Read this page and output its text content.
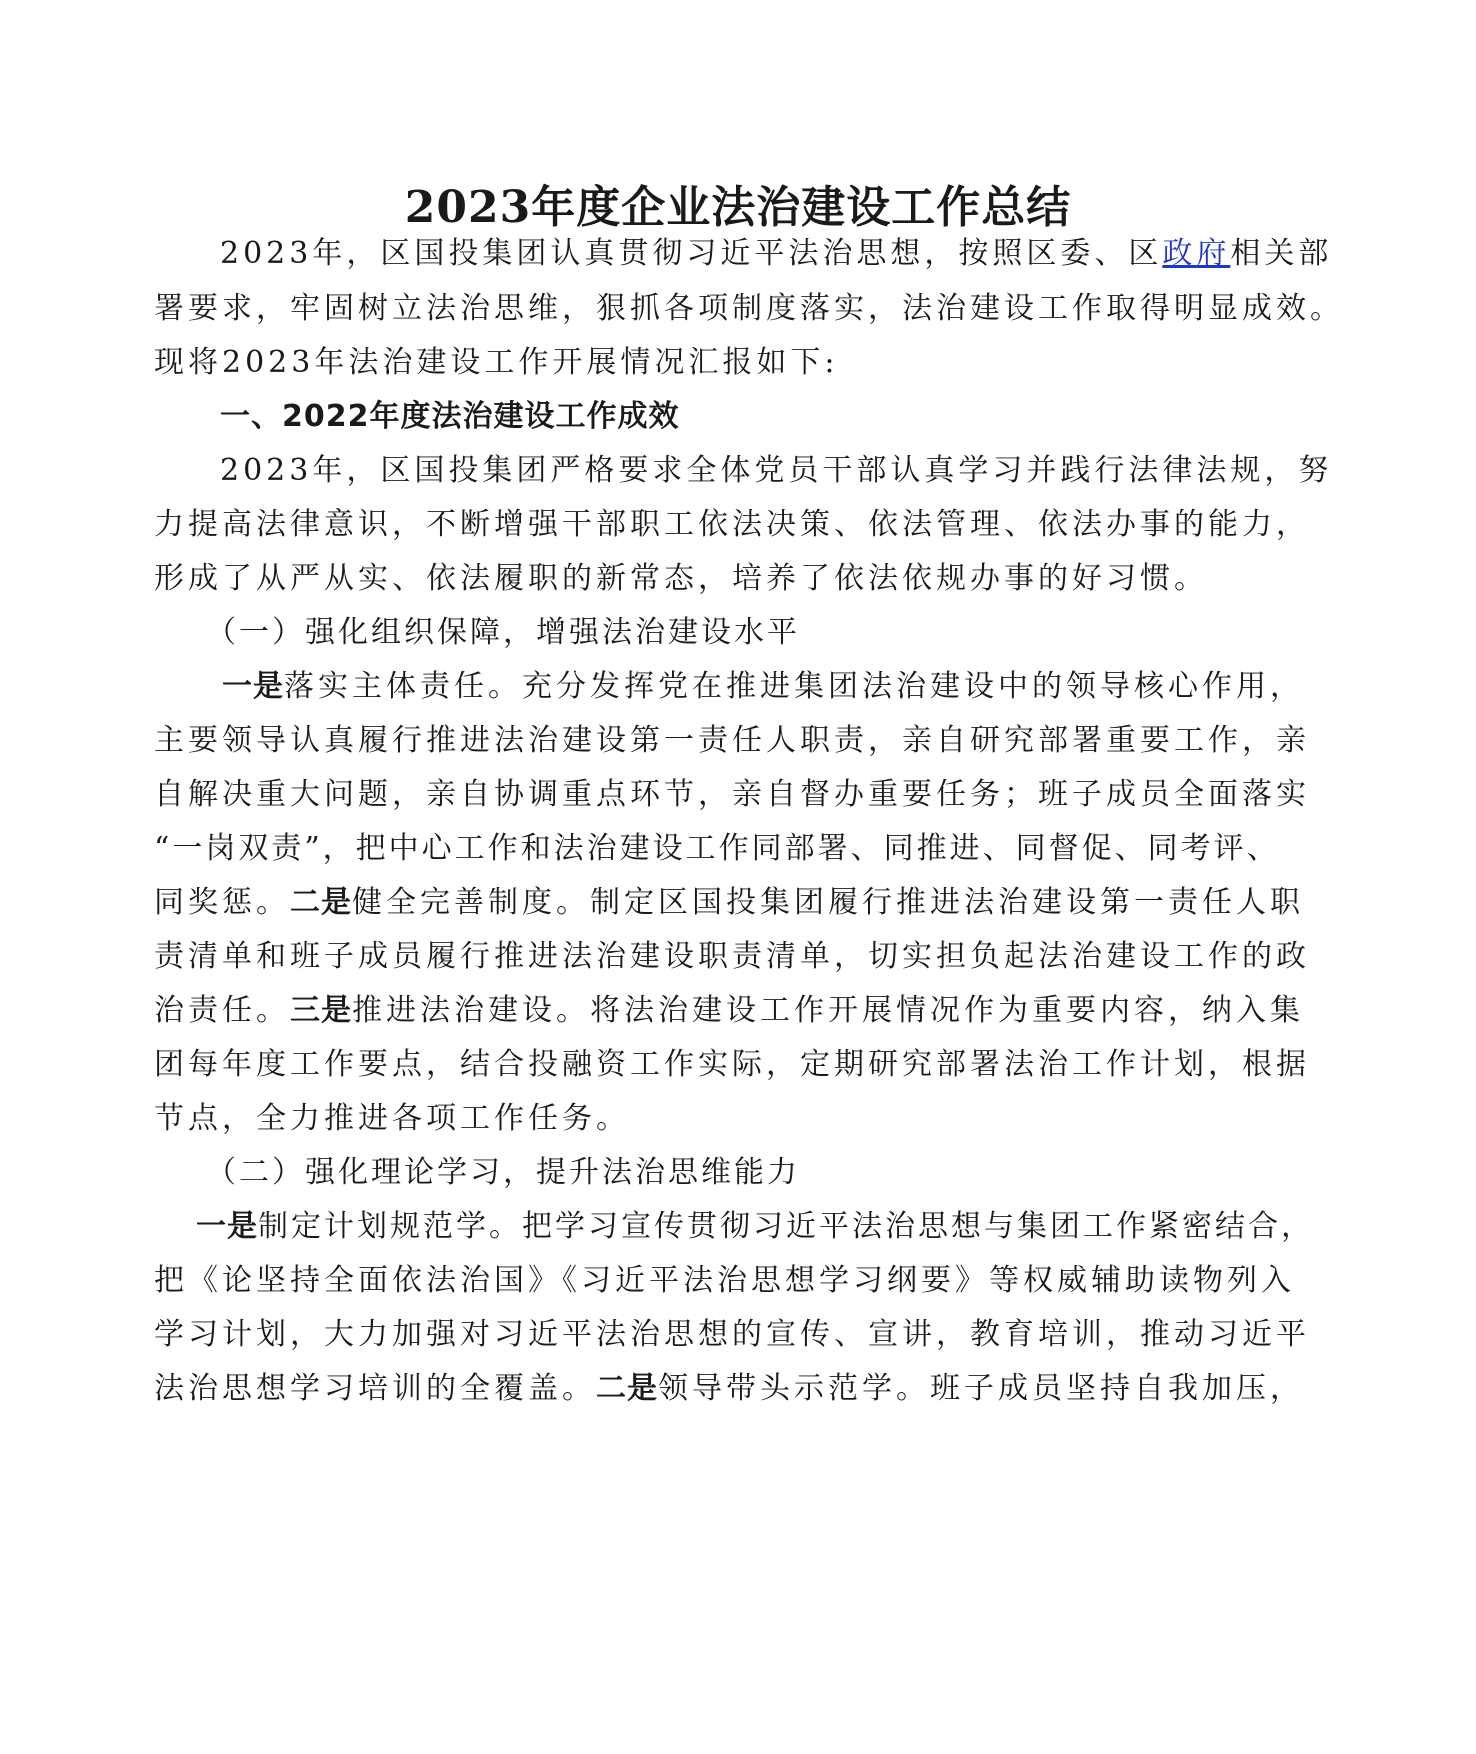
2023年度企业法治建设工作总结
2023年，区国投集团认真贯彻习近平法治思想，按照区委、区政府相关部
署要求，牢固树立法治思维，狠抓各项制度落实，法治建设工作取得明显成效。
现将2023年法治建设工作开展情况汇报如下:
一、2022年度法治建设工作成效
2023年，区国投集团严格要求全体党员干部认真学习并践行法律法规，努
力提高法律意识，不断增强干部职工依法决策、依法管理、依法办事的能力，
形成了从严从实、依法履职的新常态，培养了依法依规办事的好习惯。
（一）强化组织保障，增强法治建设水平
一是落实主体责任。充分发挥党在推进集团法治建设中的领导核心作用，
主要领导认真履行推进法治建设第一责任人职责，亲自研究部署重要工作，亲
自解决重大问题，亲自协调重点环节，亲自督办重要任务；班子成员全面落实
“一岗双责”，把中心工作和法治建设工作同部署、同推进、同督促、同考评、
同奖惩。二是健全完善制度。制定区国投集团履行推进法治建设第一责任人职
责清单和班子成员履行推进法治建设职责清单，切实担负起法治建设工作的政
治责任。三是推进法治建设。将法治建设工作开展情况作为重要内容，纳入集
团每年度工作要点，结合投融资工作实际，定期研究部署法治工作计划，根据
节点，全力推进各项工作任务。
（二）强化理论学习，提升法治思维能力
一是制定计划规范学。把学习宣传贯彻习近平法治思想与集团工作紧密结合，
把《论坚持全面依法治国》《习近平法治思想学习纲要》等权威辅助读物列入
学习计划，大力加强对习近平法治思想的宣传、宣讲，教育培训，推动习近平
法治思想学习培训的全覆盖。二是领导带头示范学。班子成员坚持自我加压，
